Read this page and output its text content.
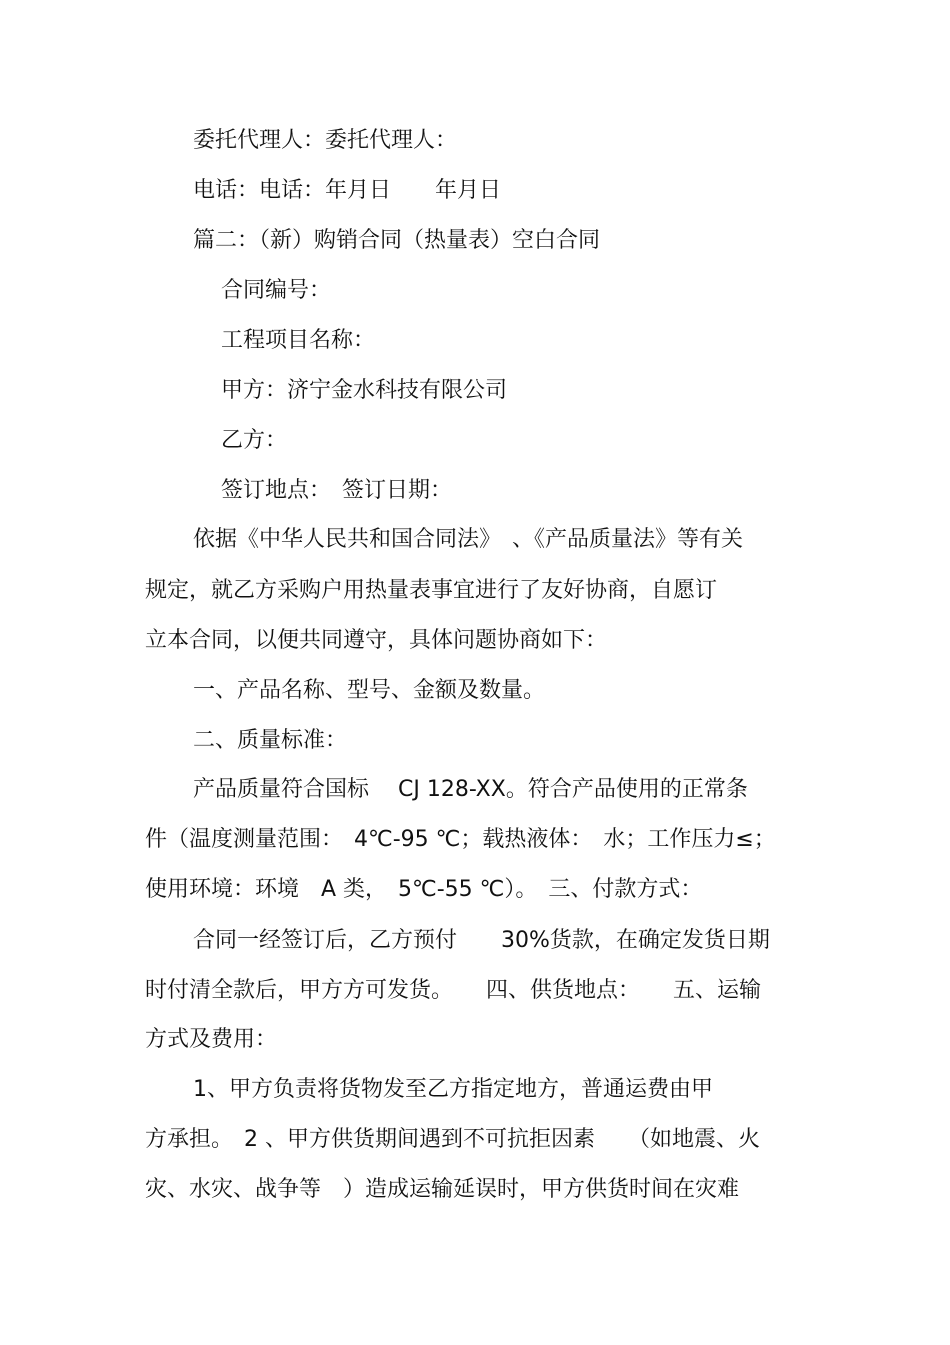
委托代理人：委托代理人：
电话：电话：年月日　　年月日
篇二：（新）购销合同（热量表）空白合同
合同编号：
工程项目名称：
甲方：济宁金水科技有限公司
乙方：
签订地点：　签订日期：
依据《中华人民共和国合同法》　、《产品质量法》等有关
规定，就乙方采购户用热量表事宜进行了友好协商，自愿订
立本合同，以便共同遵守，具体问题协商如下：
一、产品名称、型号、金额及数量。
二、质量标准：
产品质量符合国标　 CJ 128-XX。符合产品使用的正常条
件（温度测量范围：　4℃-95 ℃；载热液体：　水；工作压力≤；
使用环境：环境　A 类，　5℃-55 ℃）。　三、付款方式：
合同一经签订后，乙方预付　　30%货款，在确定发货日期
时付清全款后，甲方方可发货。　　四、供货地点：　　五、运输
方式及费用：
1、甲方负责将货物发至乙方指定地方，普通运费由甲
方承担。　2 、甲方供货期间遇到不可抗拒因素　　（如地震、火
灾、水灾、战争等　）造成运输延误时，甲方供货时间在灾难
